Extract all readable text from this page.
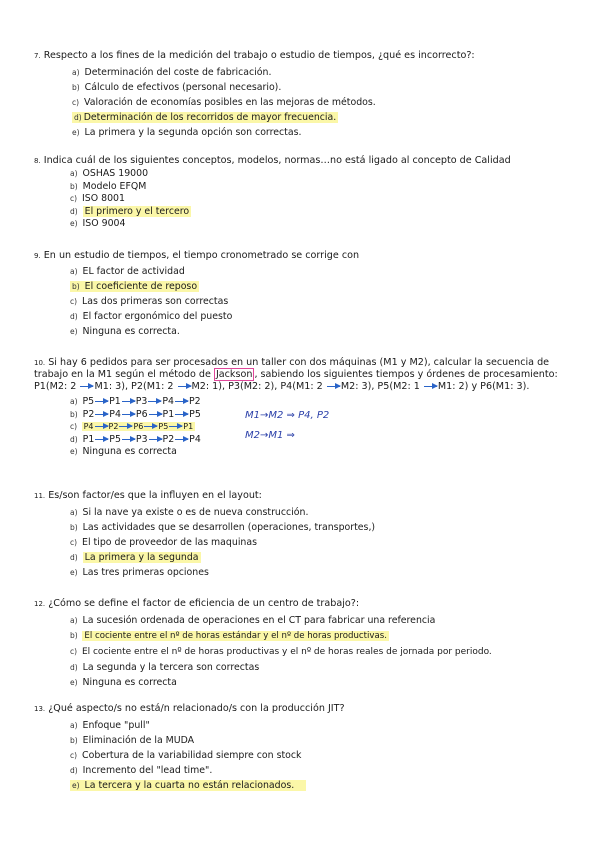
7. Respecto a los fines de la medición del trabajo o estudio de tiempos, ¿qué es incorrecto?:
a) Determinación del coste de fabricación.
b) Cálculo de efectivos (personal necesario).
c) Valoración de economías posibles en las mejoras de métodos.
d) Determinación de los recorridos de mayor frecuencia.
e) La primera y la segunda opción son correctas.
8. Indica cuál de los siguientes conceptos, modelos, normas…no está ligado al concepto de Calidad
a) OSHAS 19000
b) Modelo EFQM
c) ISO 8001
d) El primero y el tercero
e) ISO 9004
9. En un estudio de tiempos, el tiempo cronometrado se corrige con
a) EL factor de actividad
b) El coeficiente de reposo
c) Las dos primeras son correctas
d) El factor ergonómico del puesto
e) Ninguna es correcta.
10. Si hay 6 pedidos para ser procesados en un taller con dos máquinas (M1 y M2), calcular la secuencia de trabajo en la M1 según el método de Jackson , sabiendo los siguientes tiempos y órdenes de procesamiento: P1(M2: 2 M1: 3), P2(M1: 2 M2: 1), P3(M2: 2), P4(M1: 2 M2: 3), P5(M2: 1 M1: 2) y P6(M1: 3).
a) P5 P1 P3 P4 P2
b) P2 P4 P6 P1 P5
c) P4 P2 P6 P5 P1
d) P1 P5 P3 P2 P4
e) Ninguna es correcta
M1→M2 ⇒ P4, P2
M2→M1 ⇒
11. Es/son factor/es que la influyen en el layout:
a) Si la nave ya existe o es de nueva construcción.
b) Las actividades que se desarrollen (operaciones, transportes,)
c) El tipo de proveedor de las maquinas
d) La primera y la segunda
e) Las tres primeras opciones
12. ¿Cómo se define el factor de eficiencia de un centro de trabajo?:
a) La sucesión ordenada de operaciones en el CT para fabricar una referencia
b) El cociente entre el nº de horas estándar y el nº de horas productivas.
c) El cociente entre el nº de horas productivas y el nº de horas reales de jornada por periodo.
d) La segunda y la tercera son correctas
e) Ninguna es correcta
13. ¿Qué aspecto/s no está/n relacionado/s con la producción JIT?
a) Enfoque "pull"
b) Eliminación de la MUDA
c) Cobertura de la variabilidad siempre con stock
d) Incremento del "lead time".
e) La tercera y la cuarta no están relacionados.
